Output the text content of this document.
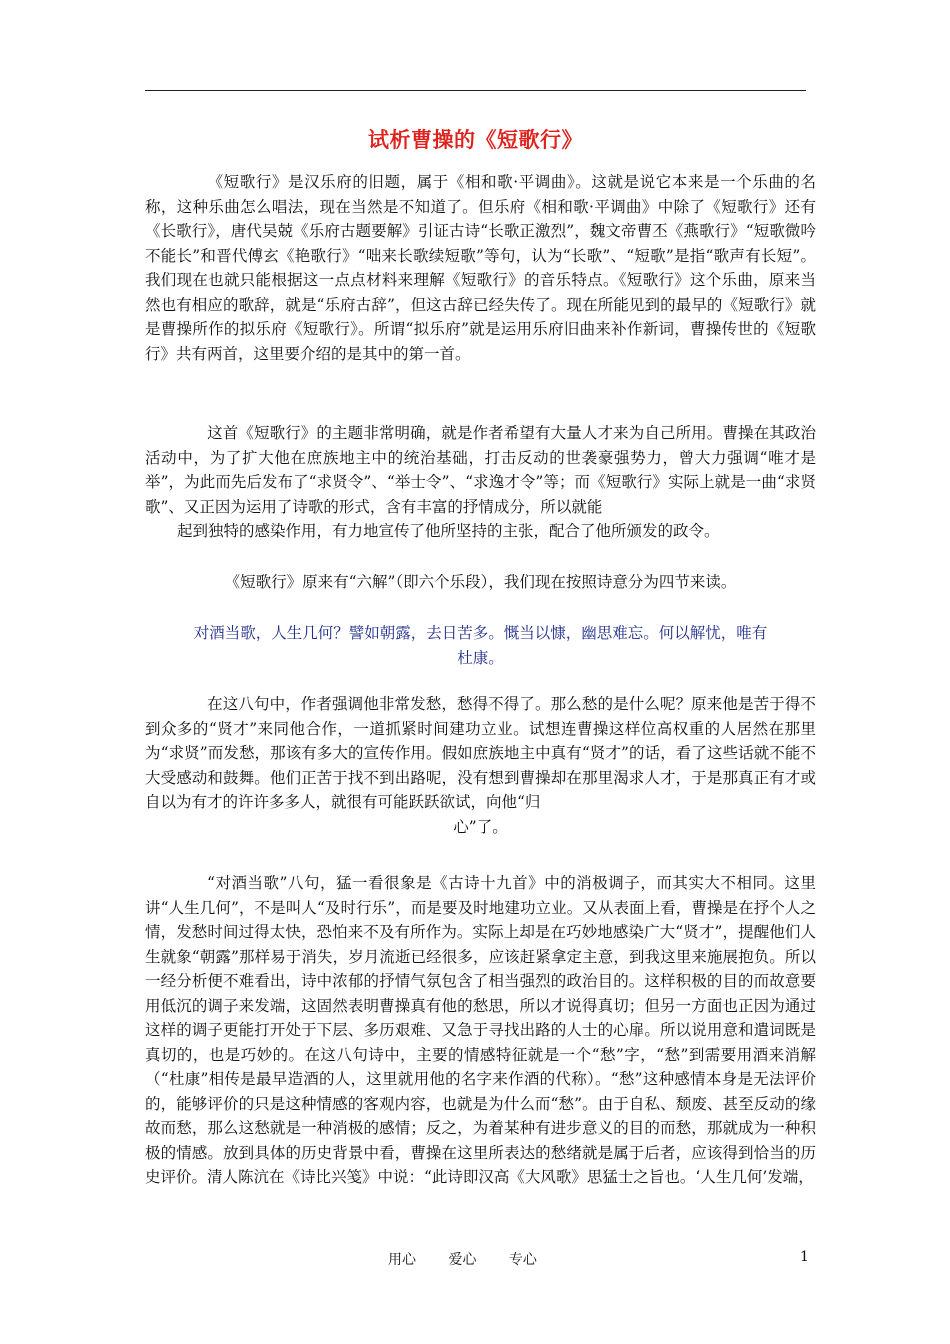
试析曹操的《短歌行》

《短歌行》是汉乐府的旧题，属于《相和歌·平调曲》。这就是说它本来是一个乐曲的名称，这种乐曲怎么唱法，现在当然是不知道了。但乐府《相和歌·平调曲》中除了《短歌行》还有《长歌行》，唐代吴兢《乐府古题要解》引证古诗“长歌正激烈”，魏文帝曹丕《燕歌行》“短歌微吟不能长”和晋代傅玄《艳歌行》“咄来长歌续短歌”等句，认为“长歌”、“短歌”是指“歌声有长短”。我们现在也就只能根据这一点点材料来理解《短歌行》的音乐特点。《短歌行》这个乐曲，原来当然也有相应的歌辞，就是“乐府古辞”，但这古辞已经失传了。现在所能见到的最早的《短歌行》就是曹操所作的拟乐府《短歌行》。所谓“拟乐府”就是运用乐府旧曲来补作新词，曹操传世的《短歌行》共有两首，这里要介绍的是其中的第一首。

这首《短歌行》的主题非常明确，就是作者希望有大量人才来为自己所用。曹操在其政治活动中，为了扩大他在庶族地主中的统治基础，打击反动的世袭豪强势力，曾大力强调“唯才是举”，为此而先后发布了“求贤令”、“举士令”、“求逸才令”等；而《短歌行》实际上就是一曲“求贤歌”、又正因为运用了诗歌的形式，含有丰富的抒情成分，所以就能
起到独特的感染作用，有力地宣传了他所坚持的主张，配合了他所颁发的政令。

《短歌行》原来有“六解”（即六个乐段），我们现在按照诗意分为四节来读。

对酒当歌，人生几何？譬如朝露，去日苦多。慨当以慷，幽思难忘。何以解忧，唯有
杜康。

在这八句中，作者强调他非常发愁，愁得不得了。那么愁的是什么呢？原来他是苦于得不到众多的“贤才”来同他合作，一道抓紧时间建功立业。试想连曹操这样位高权重的人居然在那里为“求贤”而发愁，那该有多大的宣传作用。假如庶族地主中真有“贤才”的话，看了这些话就不能不大受感动和鼓舞。他们正苦于找不到出路呢，没有想到曹操却在那里渴求人才，于是那真正有才或自以为有才的许许多多人，就很有可能跃跃欲试，向他“归
心”了。

“对酒当歌”八句，猛一看很象是《古诗十九首》中的消极调子，而其实大不相同。这里讲“人生几何”，不是叫人“及时行乐”，而是要及时地建功立业。又从表面上看，曹操是在抒个人之情，发愁时间过得太快，恐怕来不及有所作为。实际上却是在巧妙地感染广大“贤才”，提醒他们人生就象“朝露”那样易于消失，岁月流逝已经很多，应该赶紧拿定主意，到我这里来施展抱负。所以一经分析便不难看出，诗中浓郁的抒情气氛包含了相当强烈的政治目的。这样积极的目的而故意要用低沉的调子来发端，这固然表明曹操真有他的愁思，所以才说得真切；但另一方面也正因为通过这样的调子更能打开处于下层、多历艰难、又急于寻找出路的人士的心扉。所以说用意和遣词既是真切的，也是巧妙的。在这八句诗中，主要的情感特征就是一个“愁”字，“愁”到需要用酒来消解（“杜康”相传是最早造酒的人，这里就用他的名字来作酒的代称）。“愁”这种感情本身是无法评价的，能够评价的只是这种情感的客观内容，也就是为什么而“愁”。由于自私、颓废、甚至反动的缘故而愁，那么这愁就是一种消极的感情；反之，为着某种有进步意义的目的而愁，那就成为一种积极的情感。放到具体的历史背景中看，曹操在这里所表达的愁绪就是属于后者，应该得到恰当的历史评价。清人陈沆在《诗比兴笺》中说：“此诗即汉高《大风歌》思猛士之旨也。‘人生几何’发端，

用心 爱心 专心	1
